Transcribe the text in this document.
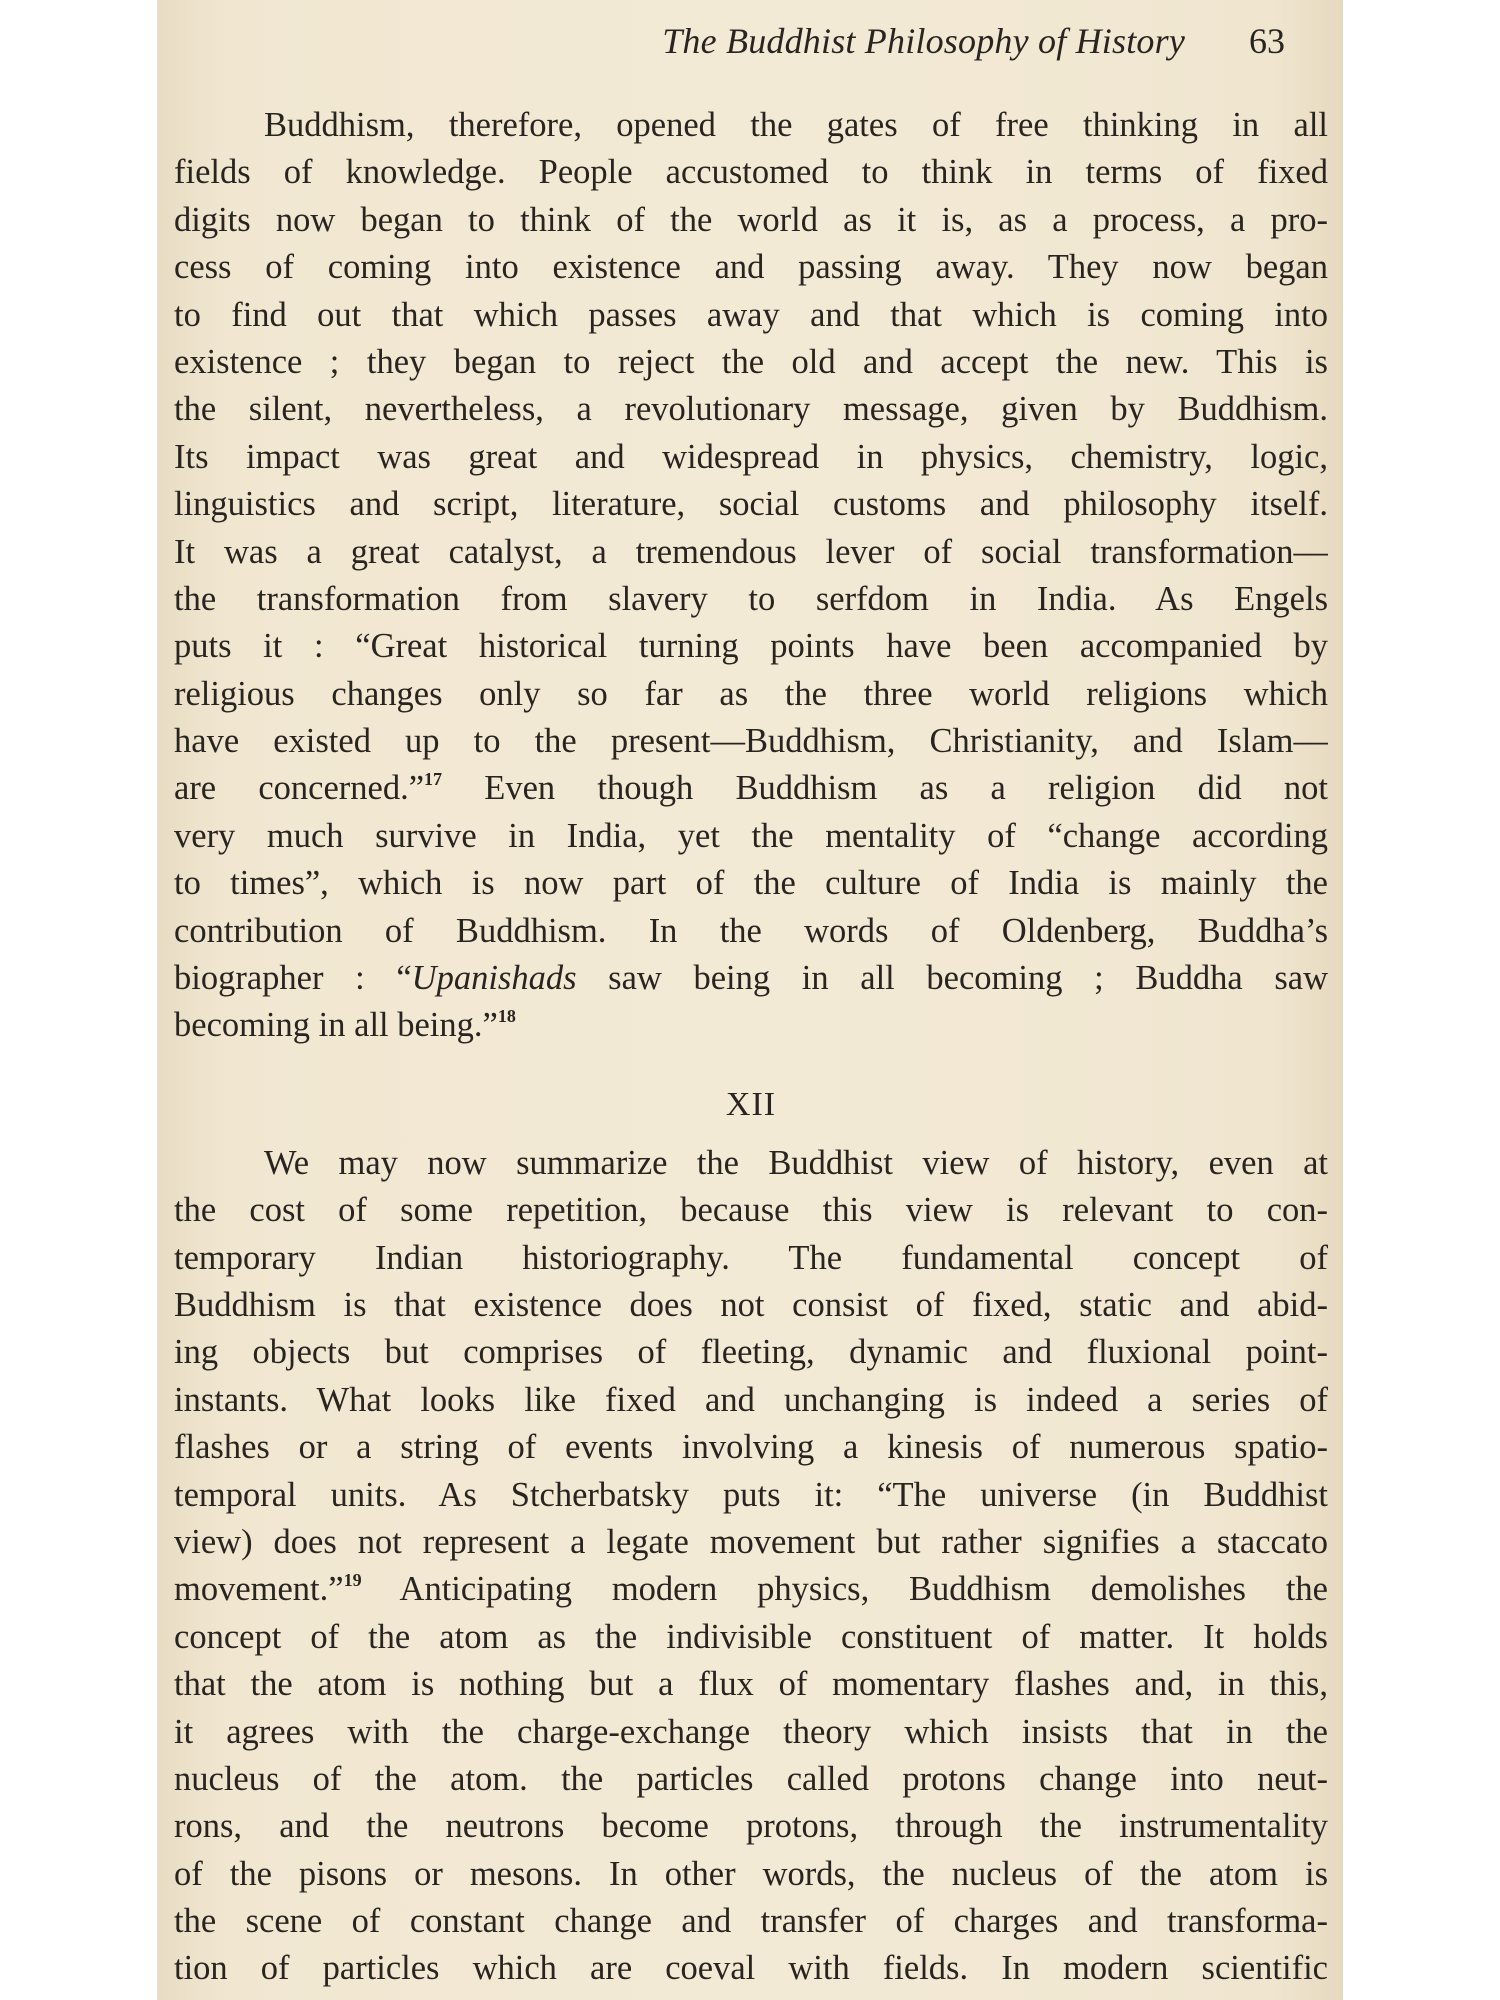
The Buddhist Philosophy of History 63
Buddhism, therefore, opened the gates of free thinking in all
fields of knowledge. People accustomed to think in terms of fixed
digits now began to think of the world as it is, as a process, a pro-
cess of coming into existence and passing away. They now began
to find out that which passes away and that which is coming into
existence ; they began to reject the old and accept the new. This is
the silent, nevertheless, a revolutionary message, given by Buddhism.
Its impact was great and widespread in physics, chemistry, logic,
linguistics and script, literature, social customs and philosophy itself.
It was a great catalyst, a tremendous lever of social transformation—
the transformation from slavery to serfdom in India. As Engels
puts it : “Great historical turning points have been accompanied by
religious changes only so far as the three world religions which
have existed up to the present—Buddhism, Christianity, and Islam—
are concerned.”$^{17}$ Even though Buddhism as a religion did not
very much survive in India, yet the mentality of “change according
to times”, which is now part of the culture of India is mainly the
contribution of Buddhism. In the words of Oldenberg, Buddha’s
biographer : “Upanishads saw being in all becoming ; Buddha saw
becoming in all being.”$^{18}$
XII
We may now summarize the Buddhist view of history, even at
the cost of some repetition, because this view is relevant to con-
temporary Indian historiography. The fundamental concept of
Buddhism is that existence does not consist of fixed, static and abid-
ing objects but comprises of fleeting, dynamic and fluxional point-
instants. What looks like fixed and unchanging is indeed a series of
flashes or a string of events involving a kinesis of numerous spatio-
temporal units. As Stcherbatsky puts it: “The universe (in Buddhist
view) does not represent a legate movement but rather signifies a staccato
movement.”$^{19}$ Anticipating modern physics, Buddhism demolishes the
concept of the atom as the indivisible constituent of matter. It holds
that the atom is nothing but a flux of momentary flashes and, in this,
it agrees with the charge-exchange theory which insists that in the
nucleus of the atom. the particles called protons change into neut-
rons, and the neutrons become protons, through the instrumentality
of the pisons or mesons. In other words, the nucleus of the atom is
the scene of constant change and transfer of charges and transforma-
tion of particles which are coeval with fields. In modern scientific
